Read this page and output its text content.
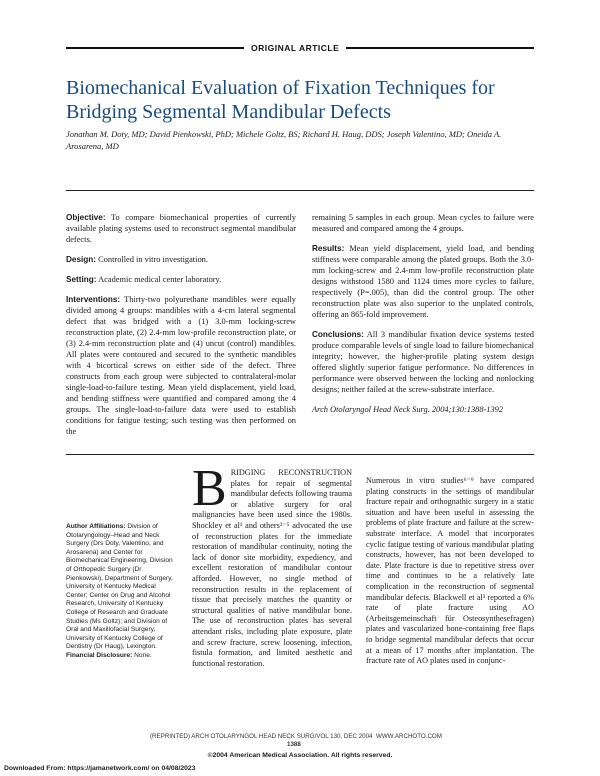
ORIGINAL ARTICLE
Biomechanical Evaluation of Fixation Techniques for Bridging Segmental Mandibular Defects
Jonathan M. Doty, MD; David Pienkowski, PhD; Michele Goltz, BS; Richard H. Haug, DDS; Joseph Valentino, MD; Oneida A. Arosarena, MD

Objective: To compare biomechanical properties of currently available plating systems used to reconstruct segmental mandibular defects.

Design: Controlled in vitro investigation.

Setting: Academic medical center laboratory.

Interventions: Thirty-two polyurethane mandibles were equally divided among 4 groups: mandibles with a 4-cm lateral segmental defect that was bridged with a (1) 3.0-mm locking-screw reconstruction plate, (2) 2.4-mm low-profile reconstruction plate, or (3) 2.4-mm reconstruction plate and (4) uncut (control) mandibles. All plates were contoured and secured to the synthetic mandibles with 4 bicortical screws on either side of the defect. Three constructs from each group were subjected to contralateral-molar single-load-to-failure testing. Mean yield displacement, yield load, and bending stiffness were quantified and compared among the 4 groups. The single-load-to-failure data were used to establish conditions for fatigue testing; such testing was then performed on the

remaining 5 samples in each group. Mean cycles to failure were measured and compared among the 4 groups.

Results: Mean yield displacement, yield load, and bending stiffness were comparable among the plated groups. Both the 3.0-mm locking-screw and 2.4-mm low-profile reconstruction plate designs withstood 1580 and 1124 times more cycles to failure, respectively (P=.005), than did the control group. The other reconstruction plate was also superior to the unplated controls, offering an 865-fold improvement.

Conclusions: All 3 mandibular fixation device systems tested produce comparable levels of single load to failure biomechanical integrity; however, the higher-profile plating system design offered slightly superior fatigue performance. No differences in performance were observed between the locking and nonlocking designs; neither failed at the screw-substrate interface.

Arch Otolaryngol Head Neck Surg. 2004;130:1388-1392

Author Affiliations: Division of Otolaryngology–Head and Neck Surgery (Drs Doty, Valentino, and Arosarena) and Center for Biomechanical Engineering, Division of Orthopedic Surgery (Dr Pienkowski), Department of Surgery, University of Kentucky Medical Center; Center on Drug and Alcohol Research, University of Kentucky College of Research and Graduate Studies (Ms Goltz); and Division of Oral and Maxillofacial Surgery, University of Kentucky College of Dentistry (Dr Haug), Lexington.
Financial Disclosure: None.
BRIDGING RECONSTRUCTION plates for repair of segmental mandibular defects following trauma or ablative surgery for oral malignancies have been used since the 1980s. Shockley et al¹ and others²⁻⁵ advocated the use of reconstruction plates for the immediate restoration of mandibular continuity, noting the lack of donor site morbidity, expediency, and excellent restoration of mandibular contour afforded. However, no single method of reconstruction results in the replacement of tissue that precisely matches the quantity or structural qualities of native mandibular bone. The use of reconstruction plates has several attendant risks, including plate exposure, plate and screw fracture, screw loosening, infection, fistula formation, and limited aesthetic and functional restoration.
Numerous in vitro studies⁶⁻⁹ have compared plating constructs in the settings of mandibular fracture repair and orthognathic surgery in a static situation and have been useful in assessing the problems of plate fracture and failure at the screw-substrate interface. A model that incorporates cyclic fatigue testing of various mandibular plating constructs, however, has not been developed to date. Plate fracture is due to repetitive stress over time and continues to be a relatively late complication in the reconstruction of segmental mandibular defects. Blackwell et al³ reported a 6% rate of plate fracture using AO (Arbeitsgemeinschaft für Osteosynthesefragen) plates and vascularized bone-containing free flaps to bridge segmental mandibular defects that occur at a mean of 17 months after implantation. The fracture rate of AO plates used in conjunc-
(REPRINTED) ARCH OTOLARYNGOL HEAD NECK SURG/VOL 130, DEC 2004 WWW.ARCHOTO.COM
1388
©2004 American Medical Association. All rights reserved.
Downloaded From: https://jamanetwork.com/ on 04/08/2023
